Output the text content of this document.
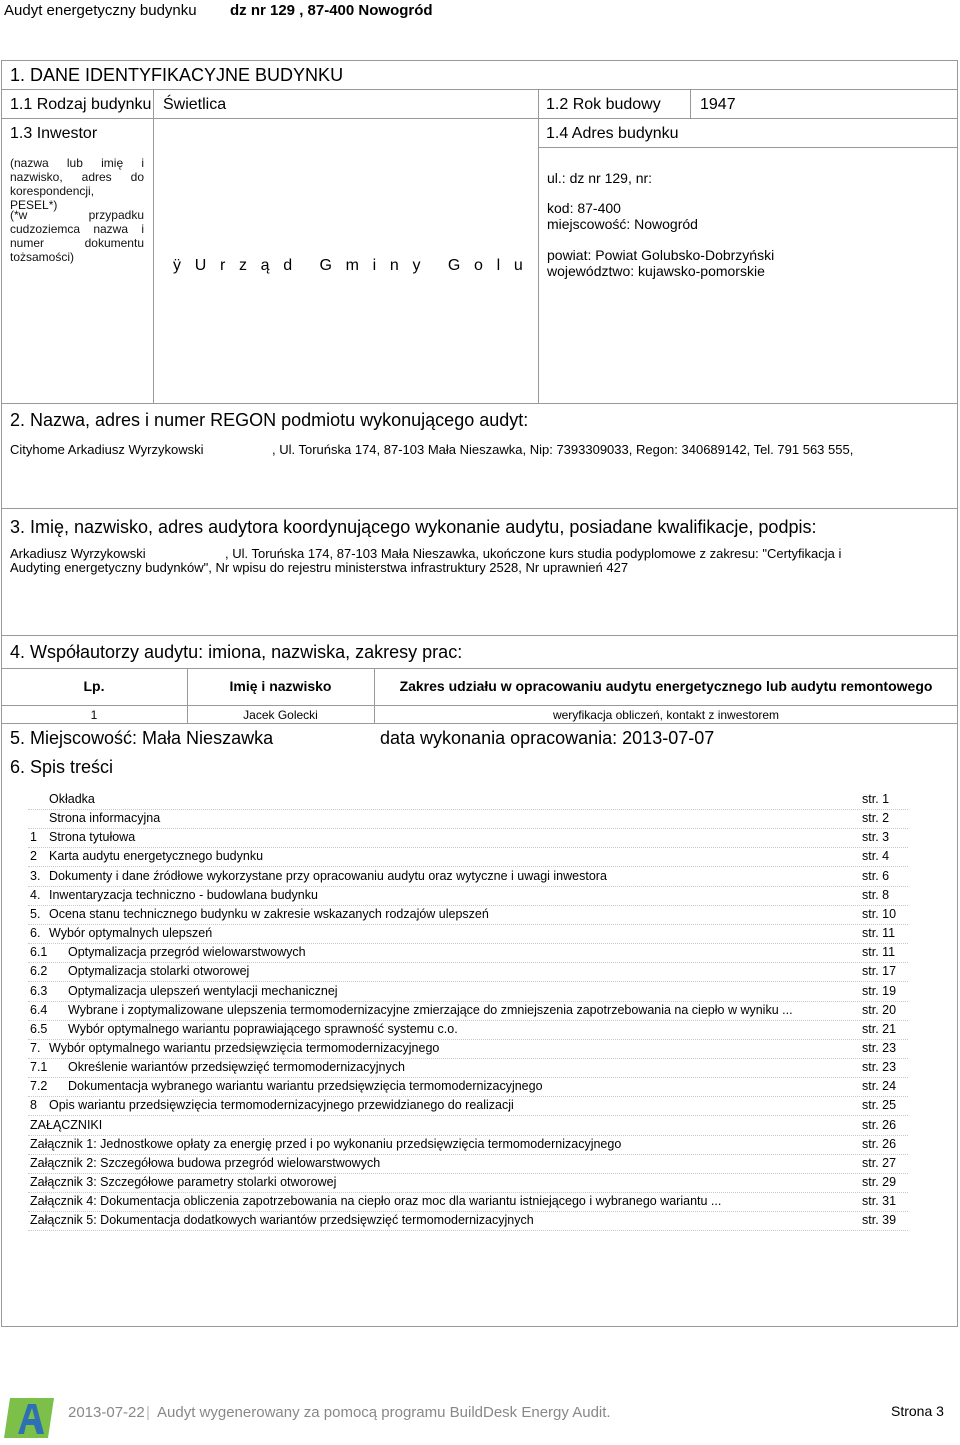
Audyt energetyczny budynku dz nr 129 , 87-400 Nowogród
1. DANE IDENTYFIKACYJNE BUDYNKU
1.1 Rodzaj budynku Świetlica	1.2 Rok budowy 1947
1.3 Inwestor	1.4 Adres budynku
(nazwa lub imię i nazwisko, adres do korespondencji, PESEL*)
(*w przypadku cudzoziemca nazwa i numer dokumentu tożsamości)	ÿ U r z ą d G m i n y G o l u
ul.: dz nr 129, nr:
kod: 87-400
miejscowość: Nowogród
powiat: Powiat Golubsko-Dobrzyński
województwo: kujawsko-pomorskie
2. Nazwa, adres i numer REGON podmiotu wykonującego audyt:
Cityhome Arkadiusz Wyrzykowski	, Ul. Toruńska 174, 87-103 Mała Nieszawka, Nip: 7393309033, Regon: 340689142, Tel. 791 563 555,
3. Imię, nazwisko, adres audytora koordynującego wykonanie audytu, posiadane kwalifikacje, podpis:
Arkadiusz Wyrzykowski	, Ul. Toruńska 174, 87-103 Mała Nieszawka, ukończone kurs studia podyplomowe z zakresu: "Certyfikacja i
Audyting energetyczny budynków", Nr wpisu do rejestru ministerstwa infrastruktury 2528, Nr uprawnień 427
4. Współautorzy audytu: imiona, nazwiska, zakresy prac:
Lp.	Imię i nazwisko	Zakres udziału w opracowaniu audytu energetycznego lub audytu remontowego
1	Jacek Golecki	weryfikacja obliczeń, kontakt z inwestorem
5. Miejscowość: Mała Nieszawka	data wykonania opracowania: 2013-07-07
6. Spis treści
Okładka	str. 1
Strona informacyjna	str. 2
1 Strona tytułowa	str. 3
2 Karta audytu energetycznego budynku	str. 4
3. Dokumenty i dane źródłowe wykorzystane przy opracowaniu audytu oraz wytyczne i uwagi inwestora	str. 6
4. Inwentaryzacja techniczno - budowlana budynku	str. 8
5. Ocena stanu technicznego budynku w zakresie wskazanych rodzajów ulepszeń	str. 10
6. Wybór optymalnych ulepszeń	str. 11
6.1 Optymalizacja przegród wielowarstwowych	str. 11
6.2 Optymalizacja stolarki otworowej	str. 17
6.3 Optymalizacja ulepszeń wentylacji mechanicznej	str. 19
6.4 Wybrane i zoptymalizowane ulepszenia termomodernizacyjne zmierzające do zmniejszenia zapotrzebowania na ciepło w wyniku ...	str. 20
6.5 Wybór optymalnego wariantu poprawiającego sprawność systemu c.o.	str. 21
7. Wybór optymalnego wariantu przedsięwzięcia termomodernizacyjnego	str. 23
7.1 Określenie wariantów przedsięwzięć termomodernizacyjnych	str. 23
7.2 Dokumentacja wybranego wariantu wariantu przedsięwzięcia termomodernizacyjnego	str. 24
8 Opis wariantu przedsięwzięcia termomodernizacyjnego przewidzianego do realizacji	str. 25
ZAŁĄCZNIKI	str. 26
Załącznik 1: Jednostkowe opłaty za energię przed i po wykonaniu przedsięwzięcia termomodernizacyjnego	str. 26
Załącznik 2: Szczegółowa budowa przegród wielowarstwowych	str. 27
Załącznik 3: Szczegółowe parametry stolarki otworowej	str. 29
Załącznik 4: Dokumentacja obliczenia zapotrzebowania na ciepło oraz moc dla wariantu istniejącego i wybranego wariantu ...	str. 31
Załącznik 5: Dokumentacja dodatkowych wariantów przedsięwzięć termomodernizacyjnych	str. 39
2013-07-22 | Audyt wygenerowany za pomocą programu BuildDesk Energy Audit.	Strona 3
